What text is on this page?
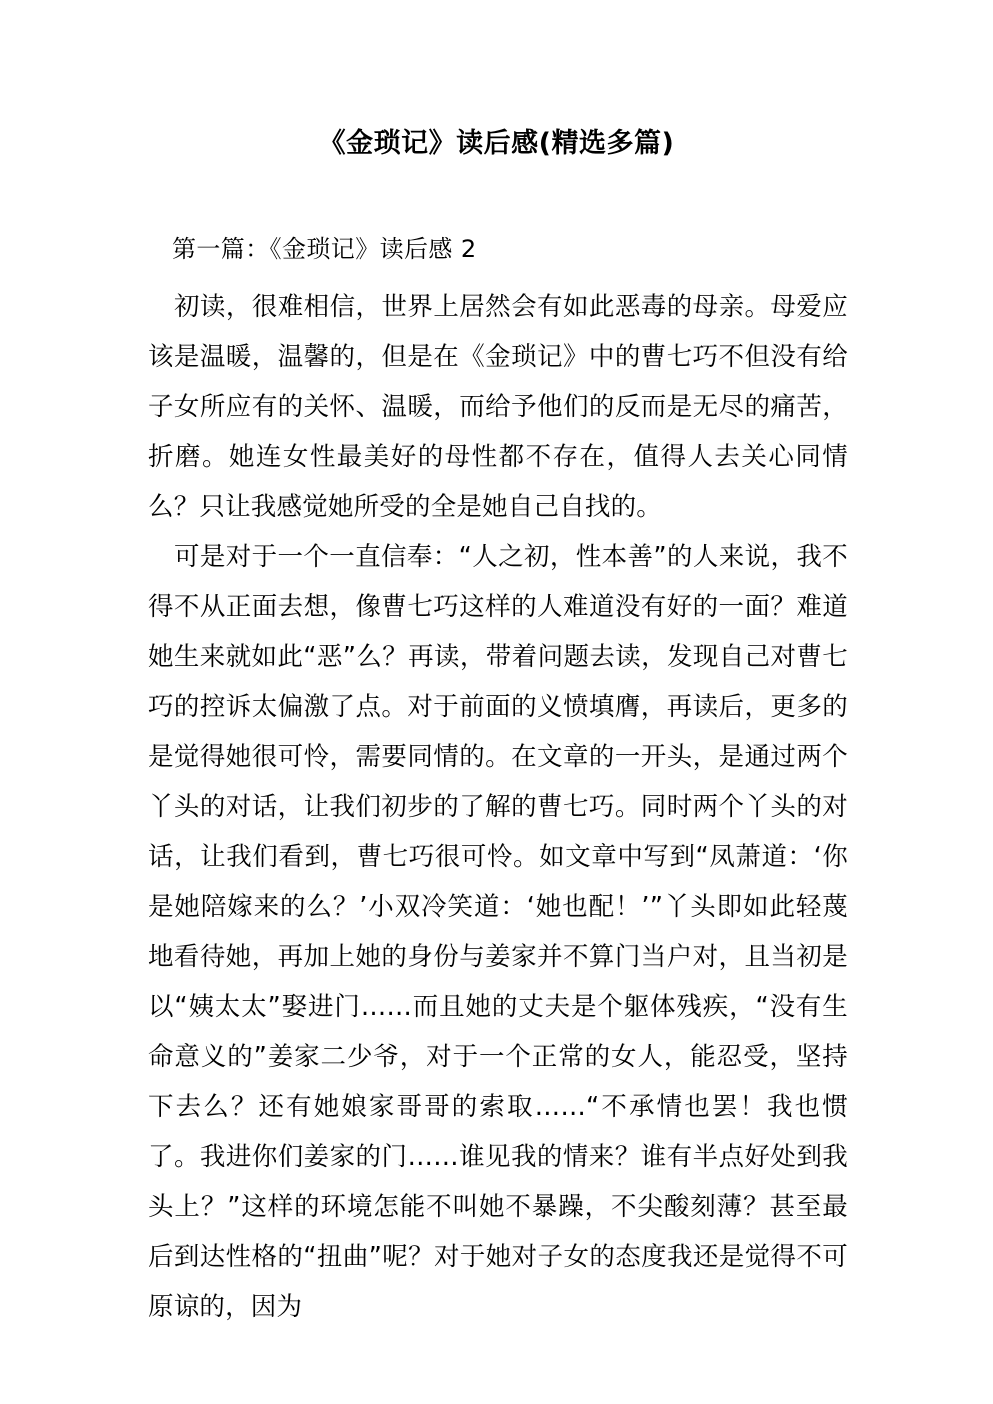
《金琐记》读后感(精选多篇)
第一篇：《金琐记》读后感 2

初读，很难相信，世界上居然会有如此恶毒的母亲。母爱应该是温暖，温馨的，但是在《金琐记》中的曹七巧不但没有给子女所应有的关怀、温暖，而给予他们的反而是无尽的痛苦，折磨。她连女性最美好的母性都不存在，值得人去关心同情么？只让我感觉她所受的全是她自己自找的。

可是对于一个一直信奉：“人之初，性本善”的人来说，我不得不从正面去想，像曹七巧这样的人难道没有好的一面？难道她生来就如此“恶”么？再读，带着问题去读，发现自己对曹七巧的控诉太偏激了点。对于前面的义愤填膺，再读后，更多的是觉得她很可怜，需要同情的。在文章的一开头，是通过两个丫头的对话，让我们初步的了解的曹七巧。同时两个丫头的对话，让我们看到，曹七巧很可怜。如文章中写到“凤萧道：‘你是她陪嫁来的么？’小双冷笑道：‘她也配！’”丫头即如此轻蔑地看待她，再加上她的身份与姜家并不算门当户对，且当初是以“姨太太”娶进门……而且她的丈夫是个躯体残疾，“没有生命意义的”姜家二少爷，对于一个正常的女人，能忍受，坚持下去么？还有她娘家哥哥的索取……“不承情也罢！我也惯了。我进你们姜家的门……谁见我的情来？谁有半点好处到我头上？”这样的环境怎能不叫她不暴躁，不尖酸刻薄？甚至最后到达性格的“扭曲”呢？对于她对子女的态度我还是觉得不可原谅的，因为
